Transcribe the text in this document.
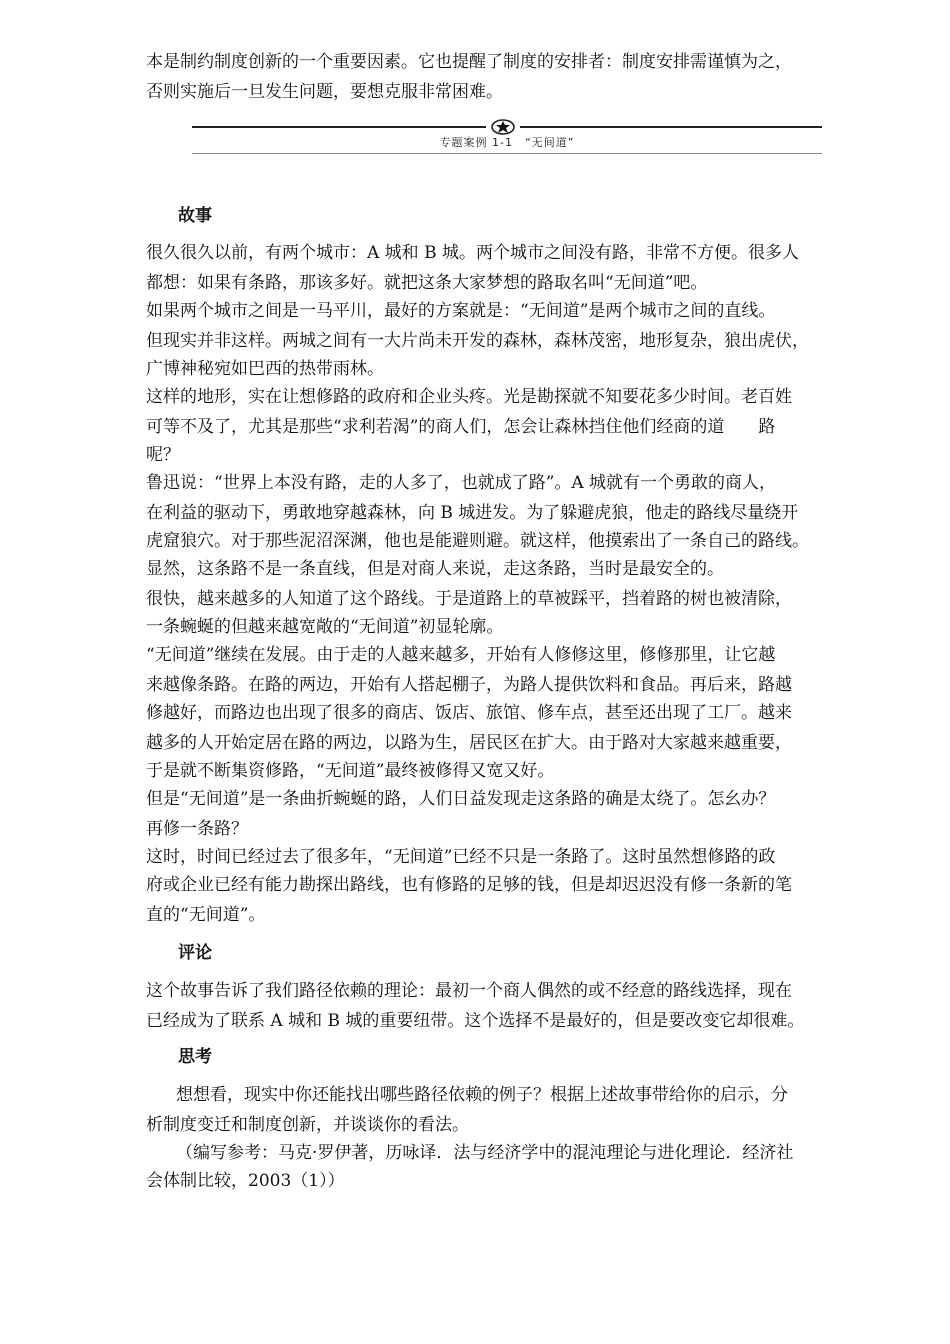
本是制约制度创新的一个重要因素。它也提醒了制度的安排者：制度安排需谨慎为之，
否则实施后一旦发生问题，要想克服非常困难。
专题案例 1-1　“无间道”
故事
很久很久以前，有两个城市：A 城和 B 城。两个城市之间没有路，非常不方便。很多人
都想：如果有条路，那该多好。就把这条大家梦想的路取名叫“无间道”吧。
如果两个城市之间是一马平川，最好的方案就是：“无间道”是两个城市之间的直线。
但现实并非这样。两城之间有一大片尚未开发的森林，森林茂密，地形复杂，狼出虎伏，
广博神秘宛如巴西的热带雨林。
这样的地形，实在让想修路的政府和企业头疼。光是勘探就不知要花多少时间。老百姓
可等不及了，尤其是那些“求利若渴”的商人们，怎会让森林挡住他们经商的道　　路
呢？
鲁迅说：“世界上本没有路，走的人多了，也就成了路”。A 城就有一个勇敢的商人，
在利益的驱动下，勇敢地穿越森林，向 B 城进发。为了躲避虎狼，他走的路线尽量绕开
虎窟狼穴。对于那些泥沼深渊，他也是能避则避。就这样，他摸索出了一条自己的路线。
显然，这条路不是一条直线，但是对商人来说，走这条路，当时是最安全的。
很快，越来越多的人知道了这个路线。于是道路上的草被踩平，挡着路的树也被清除，
一条蜿蜒的但越来越宽敞的“无间道”初显轮廓。
“无间道”继续在发展。由于走的人越来越多，开始有人修修这里，修修那里，让它越
来越像条路。在路的两边，开始有人搭起棚子，为路人提供饮料和食品。再后来，路越
修越好，而路边也出现了很多的商店、饭店、旅馆、修车点，甚至还出现了工厂。越来
越多的人开始定居在路的两边，以路为生，居民区在扩大。由于路对大家越来越重要，
于是就不断集资修路，“无间道”最终被修得又宽又好。
但是“无间道”是一条曲折蜿蜒的路，人们日益发现走这条路的确是太绕了。怎幺办？
再修一条路？
这时，时间已经过去了很多年，“无间道”已经不只是一条路了。这时虽然想修路的政
府或企业已经有能力勘探出路线，也有修路的足够的钱，但是却迟迟没有修一条新的笔
直的“无间道”。
评论
这个故事告诉了我们路径依赖的理论：最初一个商人偶然的或不经意的路线选择，现在
已经成为了联系 A 城和 B 城的重要纽带。这个选择不是最好的，但是要改变它却很难。
思考
想想看，现实中你还能找出哪些路径依赖的例子？根据上述故事带给你的启示，分
析制度变迁和制度创新，并谈谈你的看法。
（编写参考：马克·罗伊著，历咏译．法与经济学中的混沌理论与进化理论．经济社
会体制比较，2003（1））
